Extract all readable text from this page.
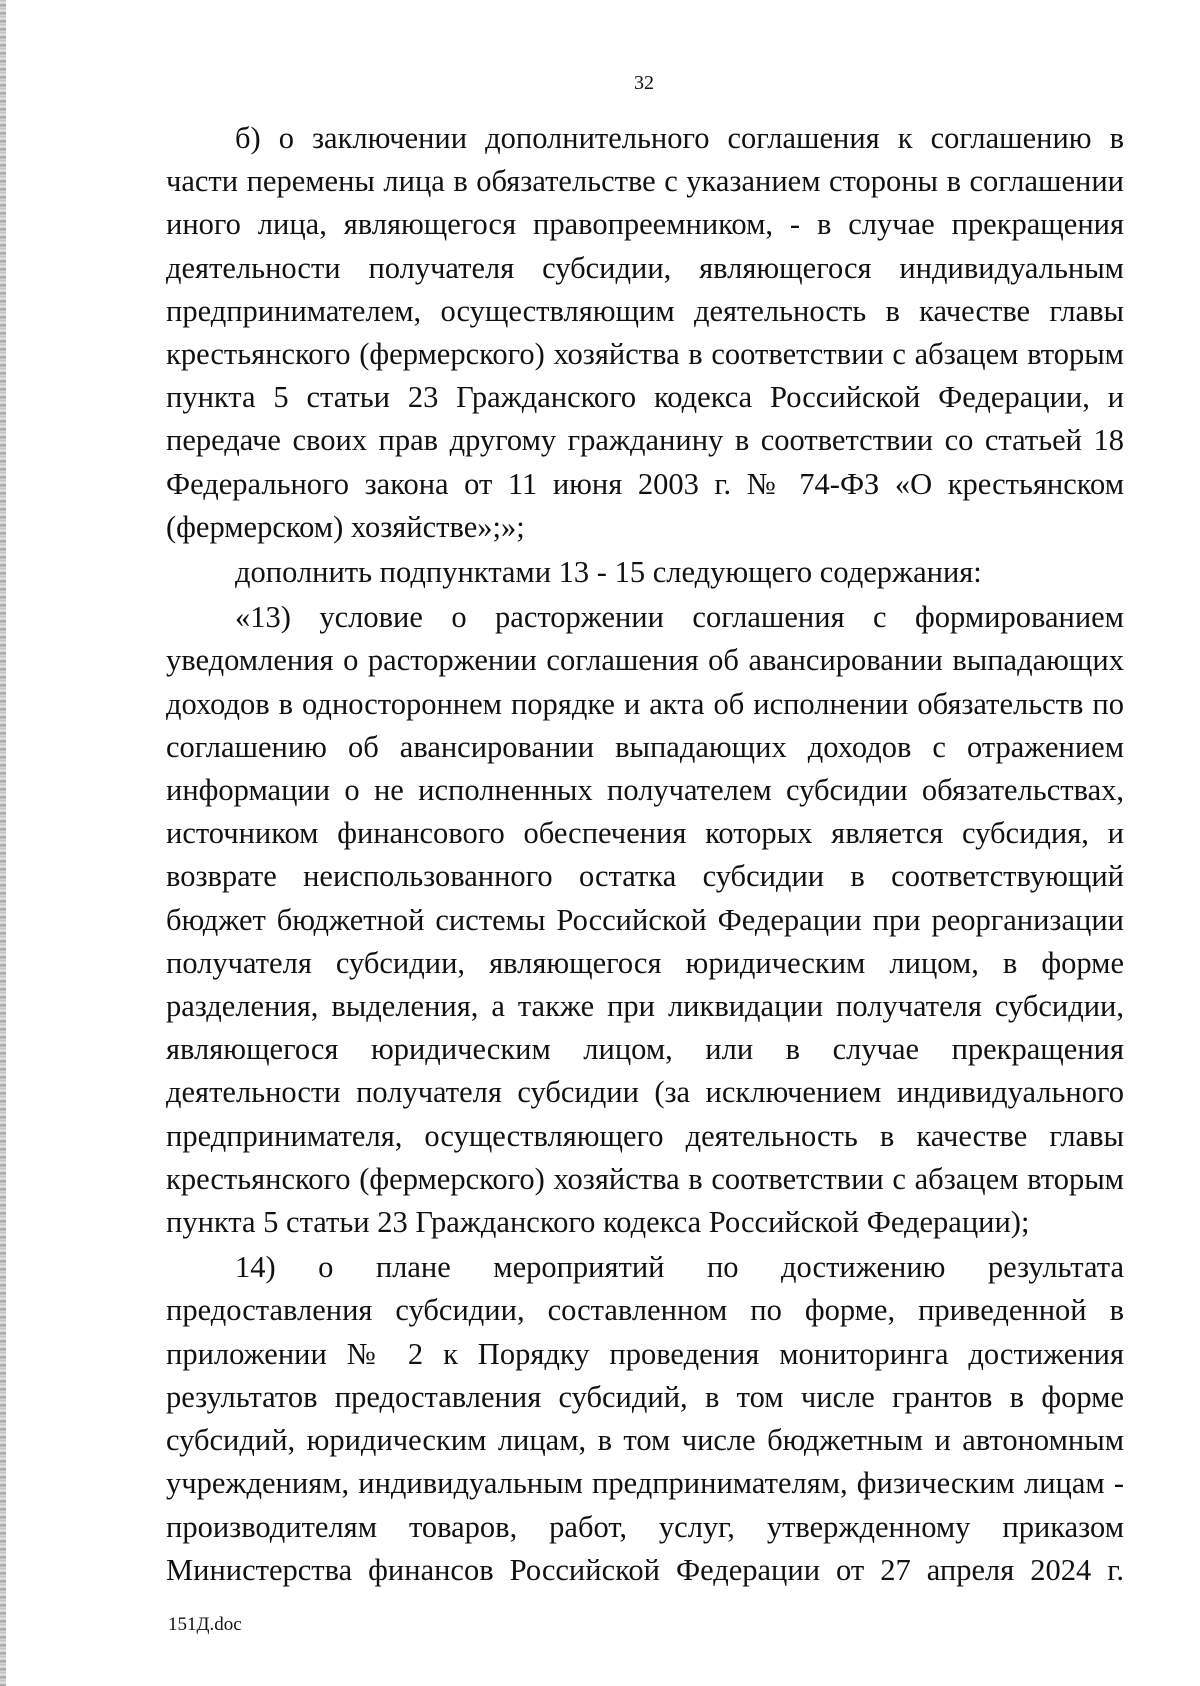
32

б) о заключении дополнительного соглашения к соглашению в части перемены лица в обязательстве с указанием стороны в соглашении иного лица, являющегося правопреемником, - в случае прекращения деятельности получателя субсидии, являющегося индивидуальным предпринимателем, осуществляющим деятельность в качестве главы крестьянского (фермерского) хозяйства в соответствии с абзацем вторым пункта 5 статьи 23 Гражданского кодекса Российской Федерации, и передаче своих прав другому гражданину в соответствии со статьей 18 Федерального закона от 11 июня 2003 г. № 74-ФЗ «О крестьянском (фермерском) хозяйстве»;»;

дополнить подпунктами 13 - 15 следующего содержания:

«13) условие о расторжении соглашения с формированием уведомления о расторжении соглашения об авансировании выпадающих доходов в одностороннем порядке и акта об исполнении обязательств по соглашению об авансировании выпадающих доходов с отражением информации о не исполненных получателем субсидии обязательствах, источником финансового обеспечения которых является субсидия, и возврате неиспользованного остатка субсидии в соответствующий бюджет бюджетной системы Российской Федерации при реорганизации получателя субсидии, являющегося юридическим лицом, в форме разделения, выделения, а также при ликвидации получателя субсидии, являющегося юридическим лицом, или в случае прекращения деятельности получателя субсидии (за исключением индивидуального предпринимателя, осуществляющего деятельность в качестве главы крестьянского (фермерского) хозяйства в соответствии с абзацем вторым пункта 5 статьи 23 Гражданского кодекса Российской Федерации);

14) о плане мероприятий по достижению результата предоставления субсидии, составленном по форме, приведенной в приложении № 2 к Порядку проведения мониторинга достижения результатов предоставления субсидий, в том числе грантов в форме субсидий, юридическим лицам, в том числе бюджетным и автономным учреждениям, индивидуальным предпринимателям, физическим лицам - производителям товаров, работ, услуг, утвержденному приказом Министерства финансов Российской Федерации от 27 апреля 2024 г.

151Д.doc
